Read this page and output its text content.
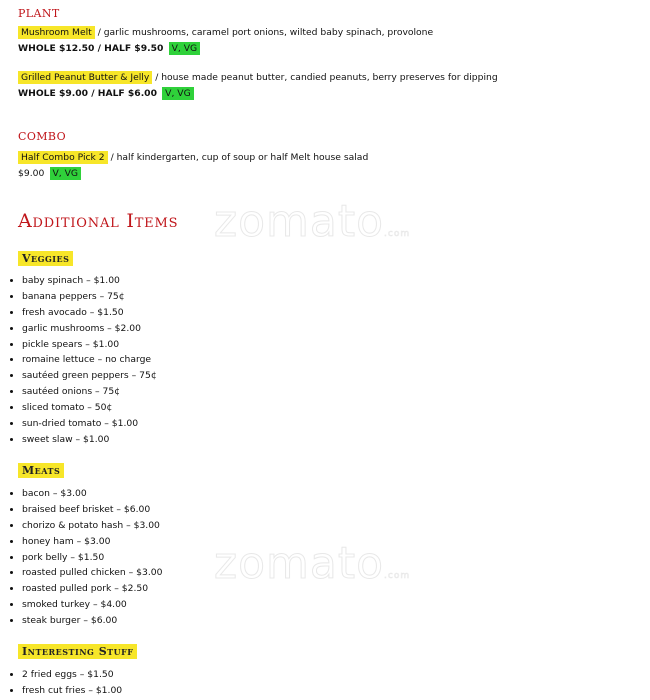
PLANT
Mushroom Melt / garlic mushrooms, caramel port onions, wilted baby spinach, provolone
WHOLE $12.50 / HALF $9.50 V, VG
Grilled Peanut Butter & Jelly / house made peanut butter, candied peanuts, berry preserves for dipping
WHOLE $9.00 / HALF $6.00 V, VG
COMBO
Half Combo Pick 2 / half kindergarten, cup of soup or half Melt house salad
$9.00 V, VG
zomato.com
zomato.com
Additional Items
Veggies
• baby spinach – $1.00
• banana peppers – 75¢
• fresh avocado – $1.50
• garlic mushrooms – $2.00
• pickle spears – $1.00
• romaine lettuce – no charge
• sautéed green peppers – 75¢
• sautéed onions – 75¢
• sliced tomato – 50¢
• sun-dried tomato – $1.00
• sweet slaw – $1.00
Meats
• bacon – $3.00
• braised beef brisket – $6.00
• chorizo & potato hash – $3.00
• honey ham – $3.00
• pork belly – $1.50
• roasted pulled chicken – $3.00
• roasted pulled pork – $2.50
• smoked turkey – $4.00
• steak burger – $6.00
Interesting Stuff
• 2 fried eggs – $1.50
• fresh cut fries – $1.00
